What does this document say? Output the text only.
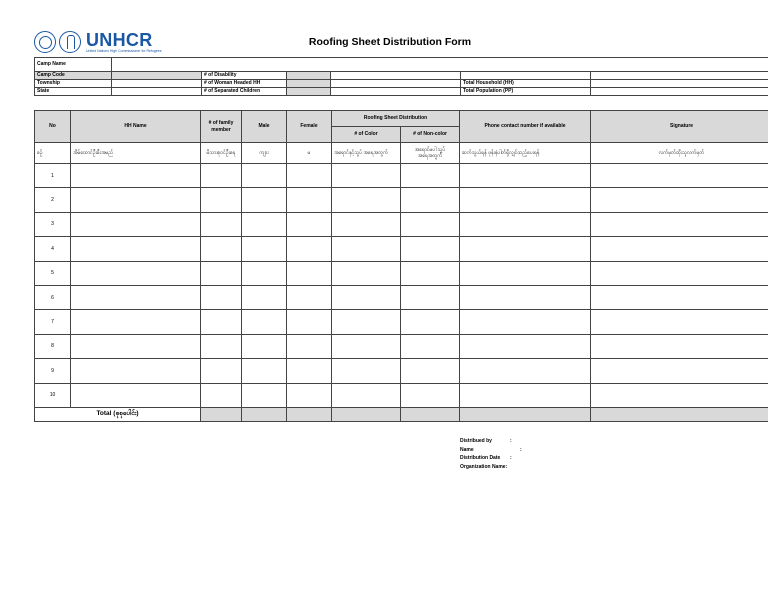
UNHCR
United Nations High Commissioner for Refugees
Roofing Sheet Distribution Form
Camp Name						
Camp Code		# of Disability				
Township		# of Woman Headed HH			Total Household (HH)	
State		# of Separated Children			Total Population (PP)	
No	HH Name	# of family member	Male	Female	Roofing Sheet Distribution		Phone contact number if available	Signature
					# of Color	# of Non-color		
စဉ်	အိမ်ထောင်ဦးစီးအမည်	မိသားစုဝင်ဦးရေ	ကျား	မ	အရောင်နှင့်သွပ် အရေအတွက်	အရောင်မပါ သွပ် အရေအတွက်	ဆက်သွယ်ရန် ဖုန်းနံပါတ်ရှိလျှင်ထည့်ပေးရန်	လက်မှတ်ထိုးသူလက်မှတ်
1								
2								
3								
4								
5								
6								
7								
8								
9								
10								
Total (စုစုပေါင်း)								
Distribued by	:
Name	:
Distribution Date	:
Organization Name:
